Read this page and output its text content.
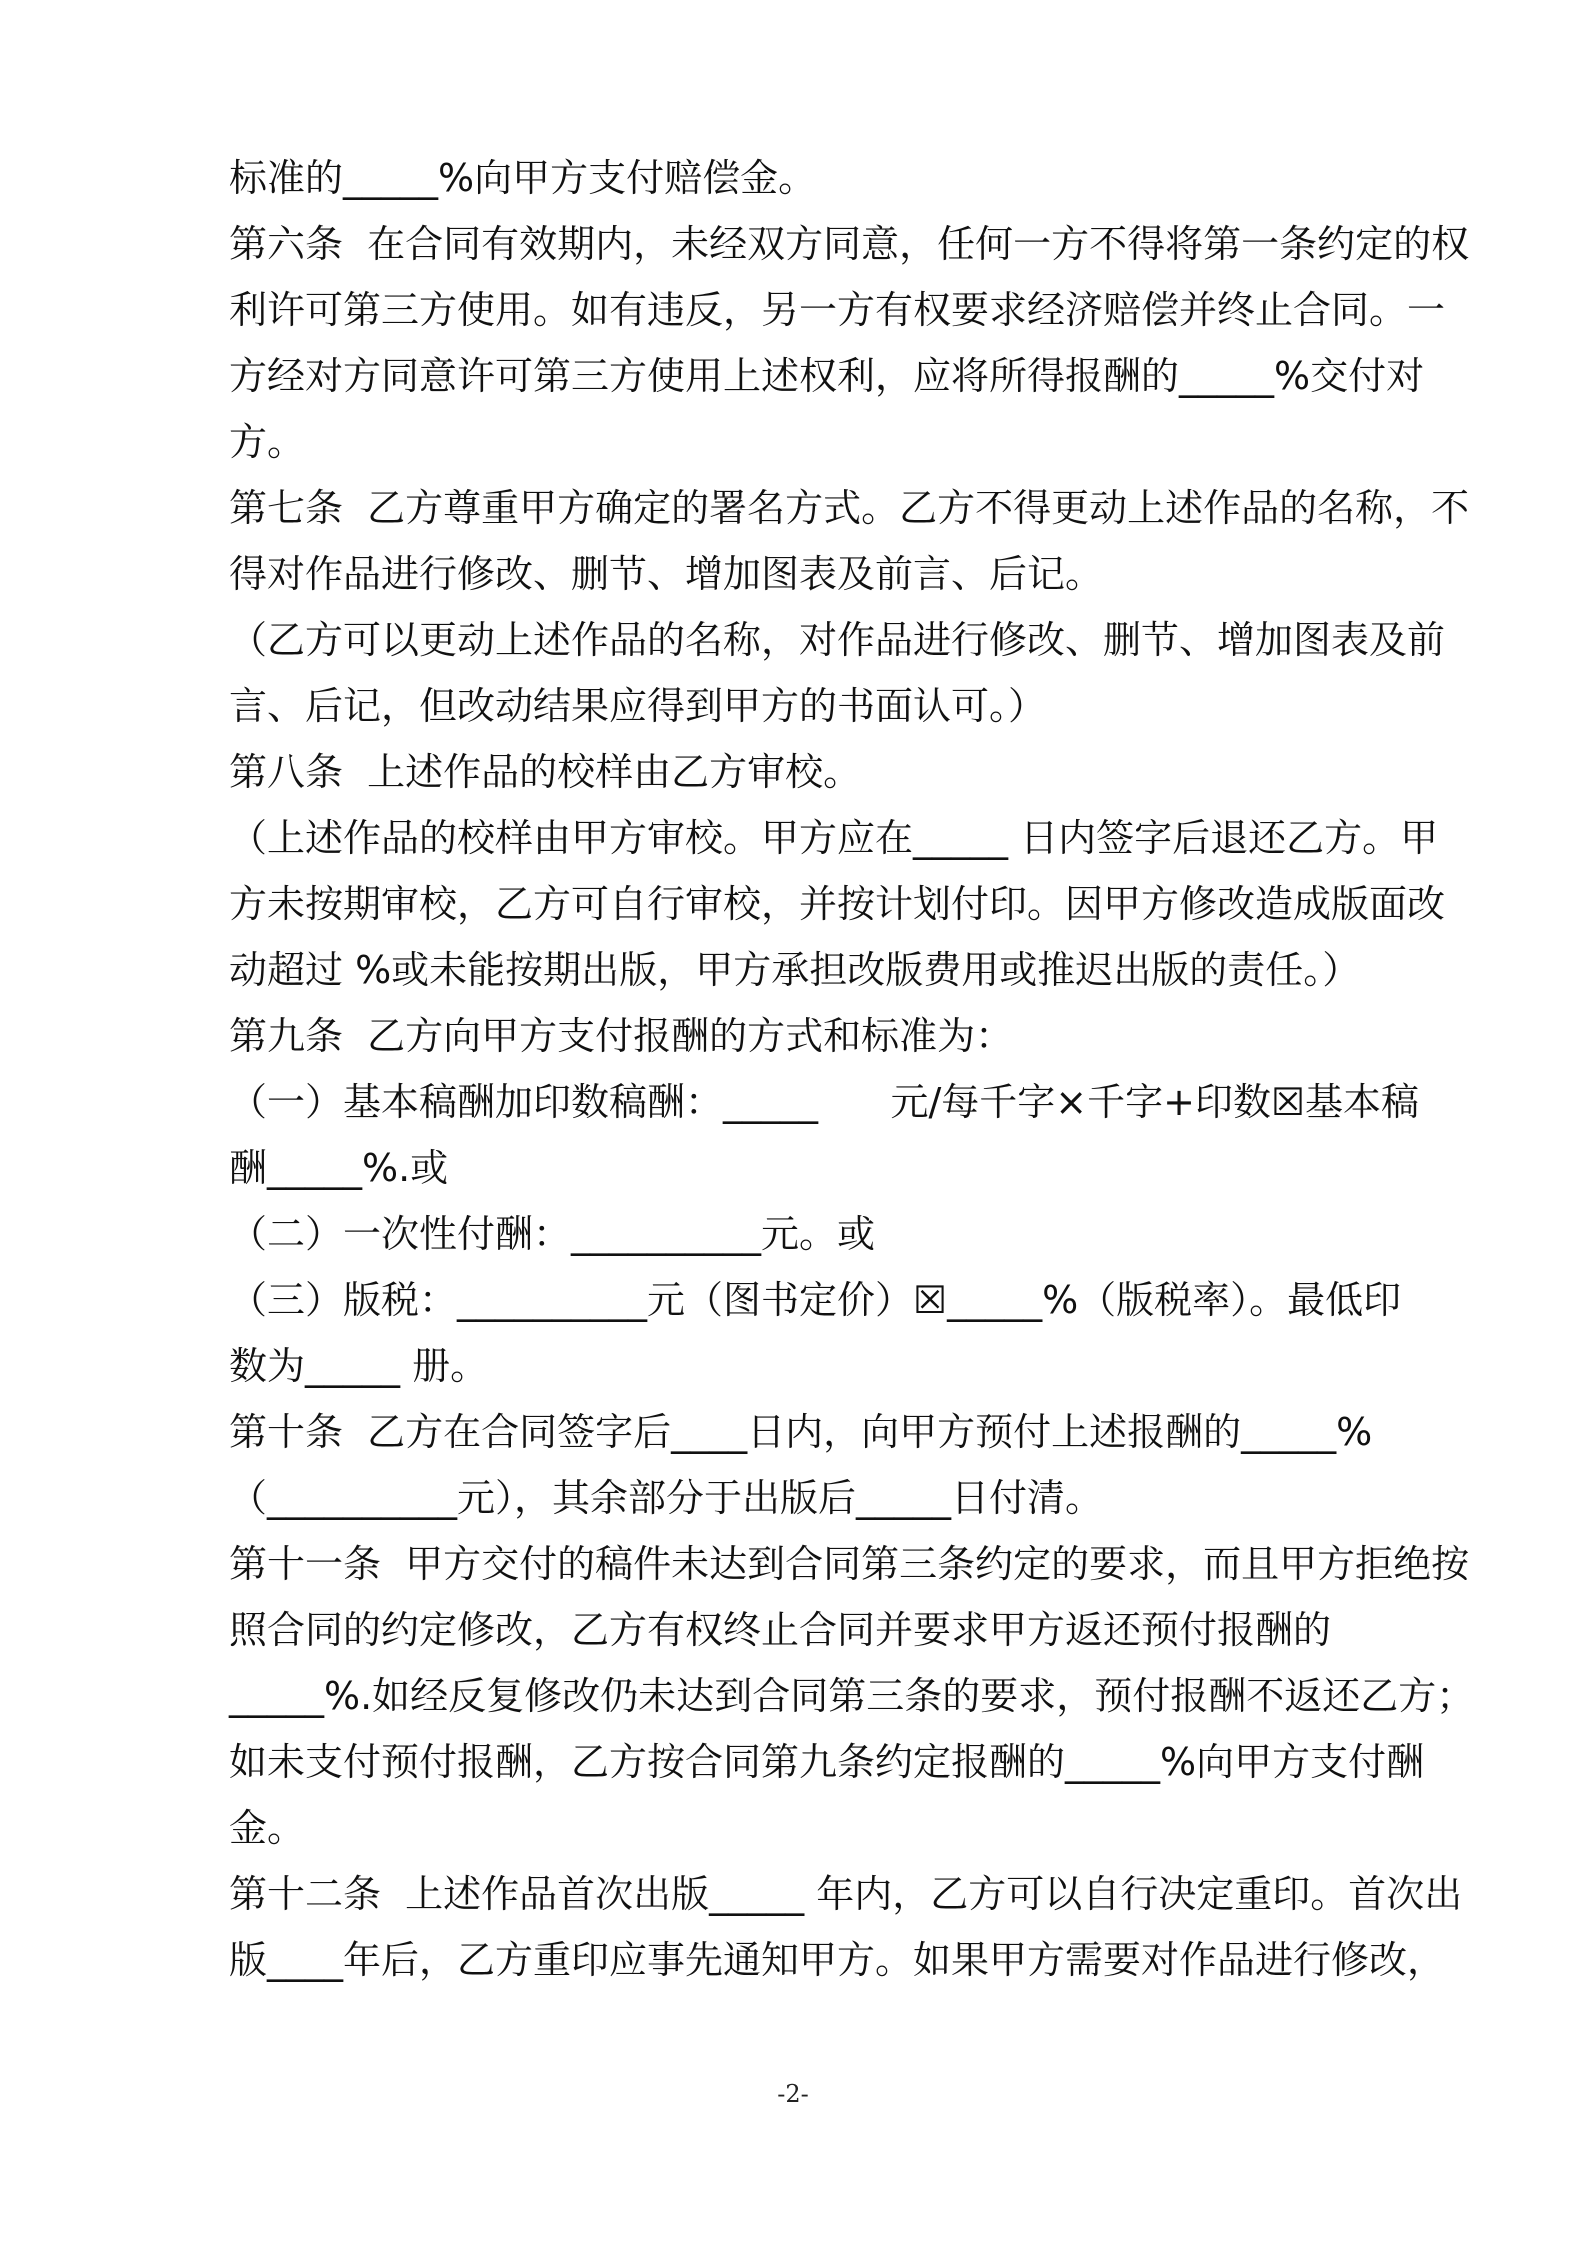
标准的_____%向甲方支付赔偿金。
第六条  在合同有效期内，未经双方同意，任何一方不得将第一条约定的权
利许可第三方使用。如有违反，另一方有权要求经济赔偿并终止合同。一
方经对方同意许可第三方使用上述权利，应将所得报酬的_____%交付对
方。
第七条  乙方尊重甲方确定的署名方式。乙方不得更动上述作品的名称，不
得对作品进行修改、删节、增加图表及前言、后记。
（乙方可以更动上述作品的名称，对作品进行修改、删节、增加图表及前
言、后记，但改动结果应得到甲方的书面认可。）
第八条  上述作品的校样由乙方审校。
（上述作品的校样由甲方审校。甲方应在_____ 日内签字后退还乙方。甲
方未按期审校，乙方可自行审校，并按计划付印。因甲方修改造成版面改
动超过 %或未能按期出版，甲方承担改版费用或推迟出版的责任。）
第九条  乙方向甲方支付报酬的方式和标准为：
（一）基本稿酬加印数稿酬：_____      元/每千字×千字+印数☒基本稿
酬_____%.或
（二）一次性付酬：__________元。或
（三）版税：__________元（图书定价）☒_____%（版税率）。最低印
数为_____ 册。
第十条  乙方在合同签字后____日内，向甲方预付上述报酬的_____%
（__________元），其余部分于出版后_____日付清。
第十一条  甲方交付的稿件未达到合同第三条约定的要求，而且甲方拒绝按
照合同的约定修改，乙方有权终止合同并要求甲方返还预付报酬的
_____%.如经反复修改仍未达到合同第三条的要求，预付报酬不返还乙方；
如未支付预付报酬，乙方按合同第九条约定报酬的_____%向甲方支付酬
金。
第十二条  上述作品首次出版_____ 年内，乙方可以自行决定重印。首次出
版____年后，乙方重印应事先通知甲方。如果甲方需要对作品进行修改，
-2-
